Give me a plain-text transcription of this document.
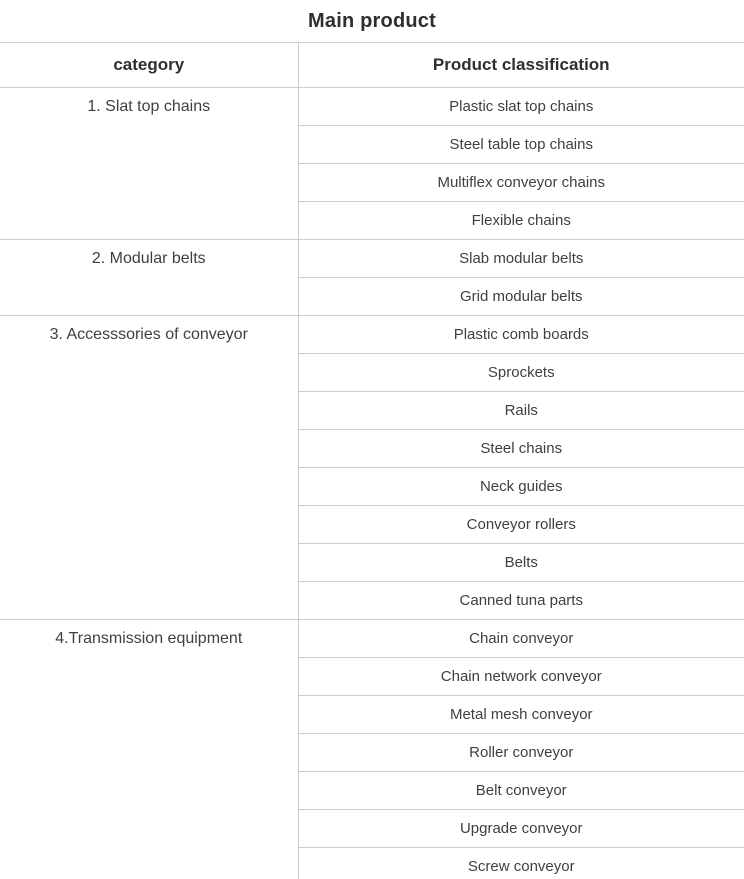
Main product
category	Product classification
1. Slat top chains	Plastic slat top chains
	Steel table top chains
	Multiflex conveyor chains
	Flexible chains
2. Modular belts	Slab modular belts
	Grid modular belts
3. Accesssories of conveyor	Plastic comb boards
	Sprockets
	Rails
	Steel chains
	Neck guides
	Conveyor rollers
	Belts
	Canned tuna parts
4.Transmission equipment	Chain conveyor
	Chain network conveyor
	Metal mesh conveyor
	Roller conveyor
	Belt conveyor
	Upgrade conveyor
	Screw conveyor
